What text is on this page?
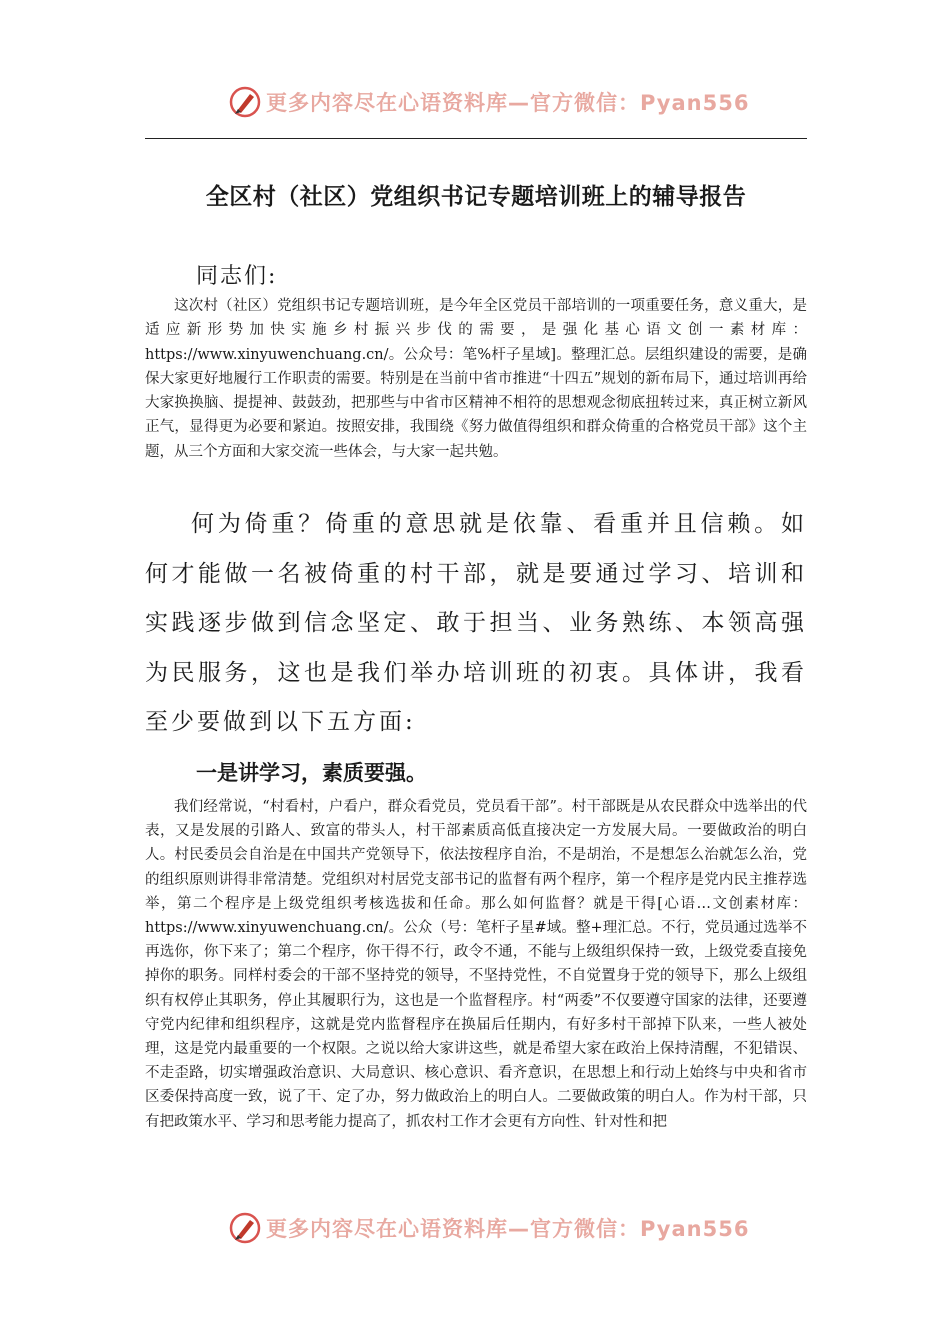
更多内容尽在心语资料库—官方微信：Pyan556
全区村（社区）党组织书记专题培训班上的辅导报告
同志们:

这次村（社区）党组织书记专题培训班，是今年全区党员干部培训的一项重要任务，意义重大，是适应新形势加快实施乡村振兴步伐的需要，是强化基心语文创一素材库：https://www.xinyuwenchuang.cn/。公众号：笔%杆子星域]。整理汇总。层组织建设的需要，是确保大家更好地履行工作职责的需要。特别是在当前中省市推进“十四五”规划的新布局下，通过培训再给大家换换脑、提提神、鼓鼓劲，把那些与中省市区精神不相符的思想观念彻底扭转过来，真正树立新风正气，显得更为必要和紧迫。按照安排，我围绕《努力做值得组织和群众倚重的合格党员干部》这个主题，从三个方面和大家交流一些体会，与大家一起共勉。

何为倚重？倚重的意思就是依靠、看重并且信赖。如何才能做一名被倚重的村干部，就是要通过学习、培训和实践逐步做到信念坚定、敢于担当、业务熟练、本领高强为民服务，这也是我们举办培训班的初衷。具体讲，我看至少要做到以下五方面:

一是讲学习，素质要强。

我们经常说，“村看村，户看户，群众看党员，党员看干部”。村干部既是从农民群众中选举出的代表，又是发展的引路人、致富的带头人，村干部素质高低直接决定一方发展大局。一要做政治的明白人。村民委员会自治是在中国共产党领导下，依法按程序自治，不是胡治，不是想怎么治就怎么治，党的组织原则讲得非常清楚。党组织对村居党支部书记的监督有两个程序，第一个程序是党内民主推荐选举，第二个程序是上级党组织考核选拔和任命。那么如何监督？就是干得[心语…文创素材库：https://www.xinyuwenchuang.cn/。公众（号：笔杆子星#域。整+理汇总。不行，党员通过选举不再选你，你下来了；第二个程序，你干得不行，政令不通，不能与上级组织保持一致，上级党委直接免掉你的职务。同样村委会的干部不坚持党的领导，不坚持党性，不自觉置身于党的领导下，那么上级组织有权停止其职务，停止其履职行为，这也是一个监督程序。村“两委”不仅要遵守国家的法律，还要遵守党内纪律和组织程序，这就是党内监督程序在换届后任期内，有好多村干部掉下队来，一些人被处理，这是党内最重要的一个权限。之说以给大家讲这些，就是希望大家在政治上保持清醒，不犯错误、不走歪路，切实增强政治意识、大局意识、核心意识、看齐意识，在思想上和行动上始终与中央和省市区委保持高度一致，说了干、定了办，努力做政治上的明白人。二要做政策的明白人。作为村干部，只有把政策水平、学习和思考能力提高了，抓农村工作才会更有方向性、针对性和把

更多内容尽在心语资料库—官方微信：Pyan556
